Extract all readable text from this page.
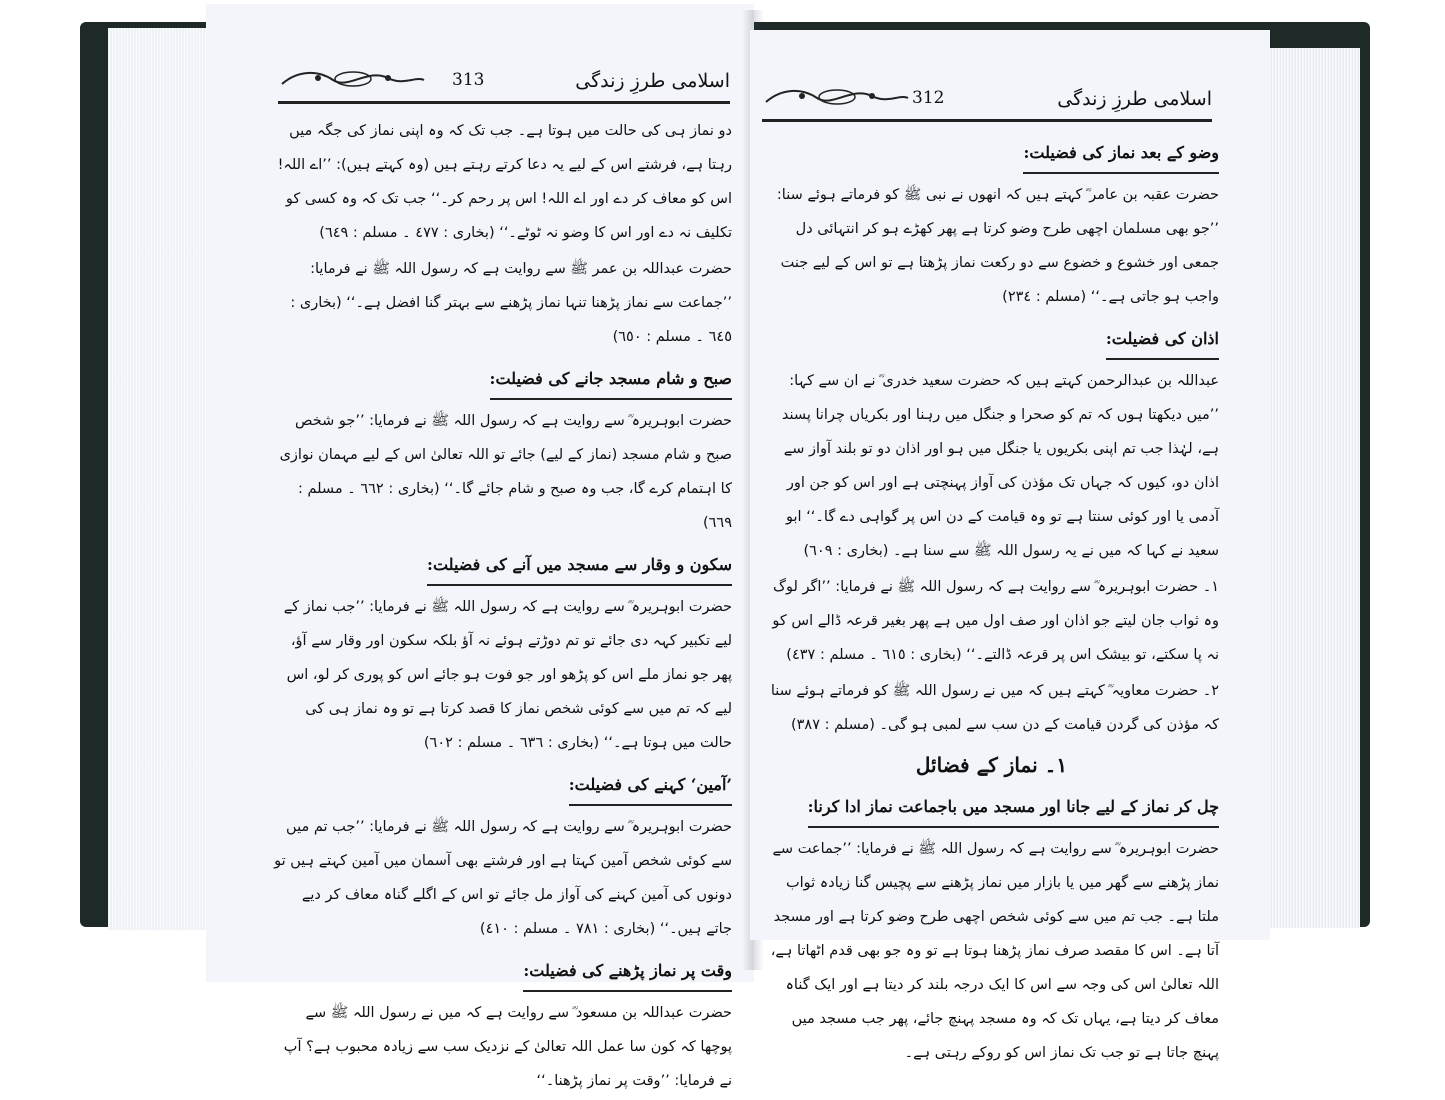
313	اسلامی طرزِ زندگی

دو نماز ہی کی حالت میں ہوتا ہے۔ جب تک کہ وہ اپنی نماز کی جگہ میں رہتا ہے، فرشتے اس کے لیے یہ دعا کرتے رہتے ہیں (وہ کہتے ہیں): ’’اے اللہ! اس کو معاف کر دے اور اے اللہ! اس پر رحم کر۔‘‘ جب تک کہ وہ کسی کو تکلیف نہ دے اور اس کا وضو نہ ٹوٹے۔‘‘ (بخاری : ٤٧٧ ۔ مسلم : ٦٤٩)

حضرت عبداللہ بن عمر ﷺ سے روایت ہے کہ رسول اللہ ﷺ نے فرمایا: ’’جماعت سے نماز پڑھنا تنہا نماز پڑھنے سے بہتر گنا افضل ہے۔‘‘ (بخاری : ٦٤٥ ۔ مسلم : ٦٥٠)

صبح و شام مسجد جانے کی فضیلت:

حضرت ابوہریرہ ؓ سے روایت ہے کہ رسول اللہ ﷺ نے فرمایا: ’’جو شخص صبح و شام مسجد (نماز کے لیے) جائے تو اللہ تعالیٰ اس کے لیے مہمان نوازی کا اہتمام کرے گا، جب وہ صبح و شام جائے گا۔‘‘ (بخاری : ٦٦٢ ۔ مسلم : ٦٦٩)

سکون و وقار سے مسجد میں آنے کی فضیلت:

حضرت ابوہریرہ ؓ سے روایت ہے کہ رسول اللہ ﷺ نے فرمایا: ’’جب نماز کے لیے تکبیر کہہ دی جائے تو تم دوڑتے ہوئے نہ آؤ بلکہ سکون اور وقار سے آؤ، پھر جو نماز ملے اس کو پڑھو اور جو فوت ہو جائے اس کو پوری کر لو، اس لیے کہ تم میں سے کوئی شخص نماز کا قصد کرتا ہے تو وہ نماز ہی کی حالت میں ہوتا ہے۔‘‘ (بخاری : ٦٣٦ ۔ مسلم : ٦٠٢)

’آمین‘ کہنے کی فضیلت:

حضرت ابوہریرہ ؓ سے روایت ہے کہ رسول اللہ ﷺ نے فرمایا: ’’جب تم میں سے کوئی شخص آمین کہتا ہے اور فرشتے بھی آسمان میں آمین کہتے ہیں تو دونوں کی آمین کہنے کی آواز مل جائے تو اس کے اگلے گناہ معاف کر دیے جاتے ہیں۔‘‘ (بخاری : ٧٨١ ۔ مسلم : ٤١٠)

وقت پر نماز پڑھنے کی فضیلت:

حضرت عبداللہ بن مسعود ؓ سے روایت ہے کہ میں نے رسول اللہ ﷺ سے پوچھا کہ کون سا عمل اللہ تعالیٰ کے نزدیک سب سے زیادہ محبوب ہے؟ آپ نے فرمایا: ’’وقت پر نماز پڑھنا۔‘‘

312	اسلامی طرزِ زندگی
وضو کے بعد نماز کی فضیلت:

حضرت عقبہ بن عامر ؓ کہتے ہیں کہ انھوں نے نبی ﷺ کو فرماتے ہوئے سنا: ’’جو بھی مسلمان اچھی طرح وضو کرتا ہے پھر کھڑے ہو کر انتہائی دل جمعی اور خشوع و خضوع سے دو رکعت نماز پڑھتا ہے تو اس کے لیے جنت واجب ہو جاتی ہے۔‘‘ (مسلم : ٢٣٤)

اذان کی فضیلت:

عبداللہ بن عبدالرحمن کہتے ہیں کہ حضرت سعید خدری ؓ نے ان سے کہا: ’’میں دیکھتا ہوں کہ تم کو صحرا و جنگل میں رہنا اور بکریاں چرانا پسند ہے، لہٰذا جب تم اپنی بکریوں یا جنگل میں ہو اور اذان دو تو بلند آواز سے اذان دو، کیوں کہ جہاں تک مؤذن کی آواز پہنچتی ہے اور اس کو جن اور آدمی یا اور کوئی سنتا ہے تو وہ قیامت کے دن اس پر گواہی دے گا۔‘‘ ابو سعید نے کہا کہ میں نے یہ رسول اللہ ﷺ سے سنا ہے۔ (بخاری : ٦٠٩)

۱۔ حضرت ابوہریرہ ؓ سے روایت ہے کہ رسول اللہ ﷺ نے فرمایا: ’’اگر لوگ وہ ثواب جان لیتے جو اذان اور صف اول میں ہے پھر بغیر قرعہ ڈالے اس کو نہ پا سکتے، تو بیشک اس پر قرعہ ڈالتے۔‘‘ (بخاری : ٦١٥ ۔ مسلم : ٤٣٧)

۲۔ حضرت معاویہ ؓ کہتے ہیں کہ میں نے رسول اللہ ﷺ کو فرماتے ہوئے سنا کہ مؤذن کی گردن قیامت کے دن سب سے لمبی ہو گی۔ (مسلم : ٣٨٧)

۱۔ نماز کے فضائل
چل کر نماز کے لیے جانا اور مسجد میں باجماعت نماز ادا کرنا:

حضرت ابوہریرہ ؓ سے روایت ہے کہ رسول اللہ ﷺ نے فرمایا: ’’جماعت سے نماز پڑھنے سے گھر میں یا بازار میں نماز پڑھنے سے پچیس گنا زیادہ ثواب ملتا ہے۔ جب تم میں سے کوئی شخص اچھی طرح وضو کرتا ہے اور مسجد آتا ہے۔ اس کا مقصد صرف نماز پڑھنا ہوتا ہے تو وہ جو بھی قدم اٹھاتا ہے، اللہ تعالیٰ اس کی وجہ سے اس کا ایک درجہ بلند کر دیتا ہے اور ایک گناہ معاف کر دیتا ہے، یہاں تک کہ وہ مسجد پہنچ جائے، پھر جب مسجد میں پہنچ جاتا ہے تو جب تک نماز اس کو روکے رہتی ہے۔
